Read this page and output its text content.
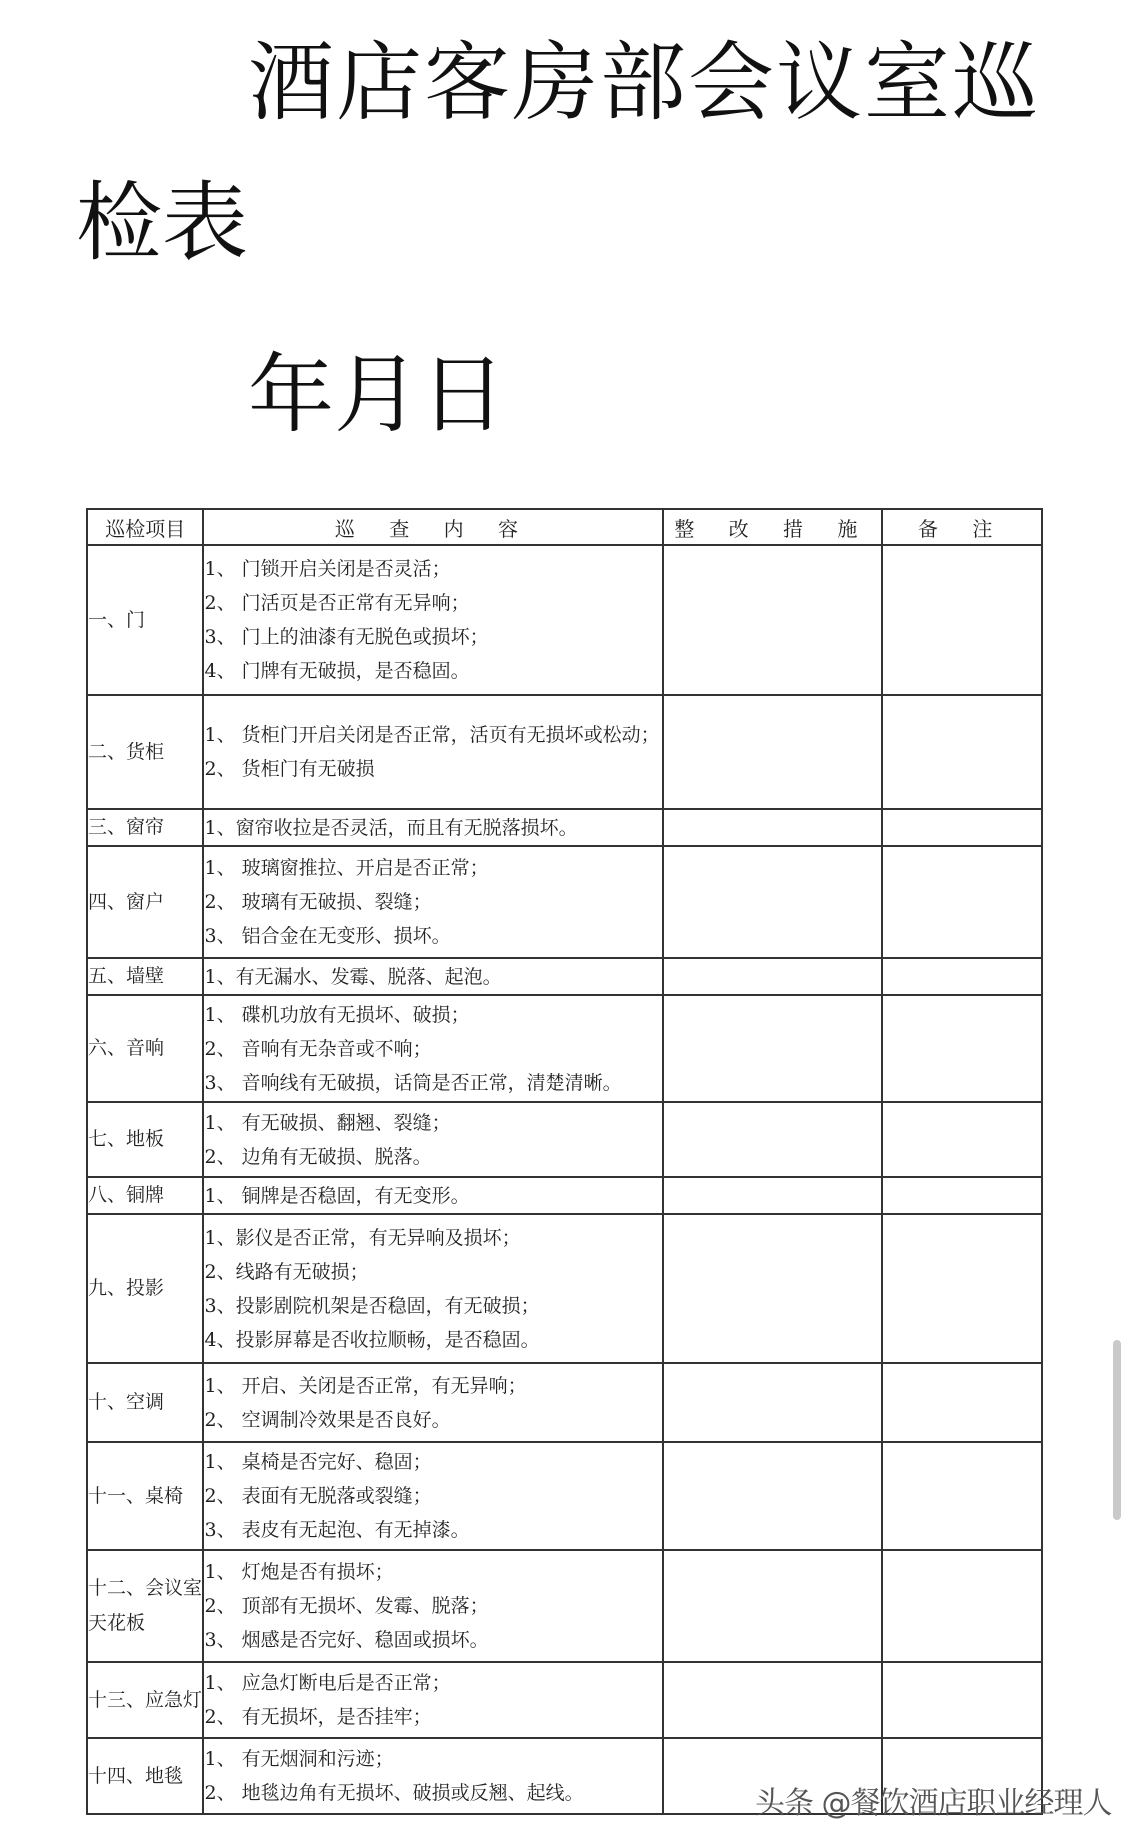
酒店客房部会议室巡
检表
年月日
巡检项目	巡 查 内 容	整 改 措 施	备 注
一、门	1、 门锁开启关闭是否灵活；
2、 门活页是否正常有无异响；
3、 门上的油漆有无脱色或损坏；
4、 门牌有无破损，是否稳固。		

二、货柜	1、 货柜门开启关闭是否正常，活页有无损坏或松动；
2、 货柜门有无破损		

三、窗帘	1、窗帘收拉是否灵活，而且有无脱落损坏。		

四、窗户	1、 玻璃窗推拉、开启是否正常；
2、 玻璃有无破损、裂缝；
3、 铝合金在无变形、损坏。		

五、墙壁	1、有无漏水、发霉、脱落、起泡。		

六、音响	1、 碟机功放有无损坏、破损；
2、 音响有无杂音或不响；
3、 音响线有无破损，话筒是否正常，清楚清晰。		

七、地板	1、 有无破损、翻翘、裂缝；
2、 边角有无破损、脱落。		

八、铜牌	1、 铜牌是否稳固，有无变形。		

九、投影	1、影仪是否正常，有无异响及损坏；
2、线路有无破损；
3、投影剧院机架是否稳固，有无破损；
4、投影屏幕是否收拉顺畅，是否稳固。		

十、空调	1、 开启、关闭是否正常，有无异响；
2、 空调制冷效果是否良好。		

十一、桌椅	1、 桌椅是否完好、稳固；
2、 表面有无脱落或裂缝；
3、 表皮有无起泡、有无掉漆。		

十二、会议室天花板	1、 灯炮是否有损坏；
2、 顶部有无损坏、发霉、脱落；
3、 烟感是否完好、稳固或损坏。		

十三、应急灯	1、 应急灯断电后是否正常；
2、 有无损坏，是否挂牢；		

十四、地毯	1、 有无烟洞和污迹；
2、 地毯边角有无损坏、破损或反翘、起线。		
			头条 @餐饮酒店职业经理人
